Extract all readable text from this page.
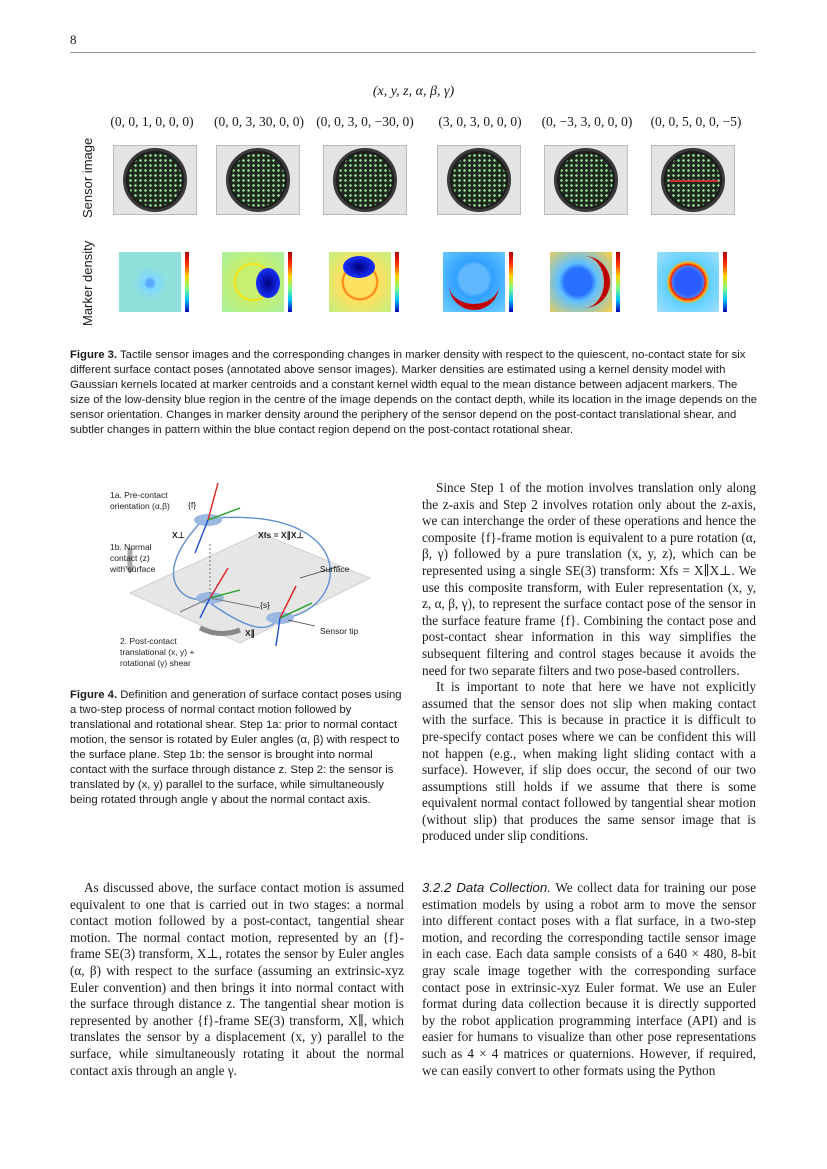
8
(x, y, z, α, β, γ)
(0, 0, 1, 0, 0, 0)	(0, 0, 3, 30, 0, 0) (0, 0, 3, 0, −30, 0)	(3, 0, 3, 0, 0, 0)	(0, −3, 3, 0, 0, 0)	(0, 0, 5, 0, 0, −5)
Sensor image
Marker density
Figure 3. Tactile sensor images and the corresponding changes in marker density with respect to the quiescent, no-contact state for six different surface contact poses (annotated above sensor images). Marker densities are estimated using a kernel density model with Gaussian kernels located at marker centroids and a constant kernel width equal to the mean distance between adjacent markers. The size of the low-density blue region in the centre of the image depends on the contact depth, while its location in the image depends on the sensor orientation. Changes in marker density around the periphery of the sensor depend on the post-contact translational shear, and subtler changes in pattern within the blue contact region depend on the post-contact rotational shear.
1a. Pre-contact
orientation (α,β) {f}
X⊥	Xfs = X∥X⊥
1b. Normal
contact (z)
with surface	Surface
{s}
Sensor tip
X∥
2. Post-contact
translational (x, y) +
rotational (γ) shear
Figure 4. Definition and generation of surface contact poses using a two-step process of normal contact motion followed by translational and rotational shear. Step 1a: prior to normal contact motion, the sensor is rotated by Euler angles (α, β) with respect to the surface plane. Step 1b: the sensor is brought into normal contact with the surface through distance z. Step 2: the sensor is translated by (x, y) parallel to the surface, while simultaneously being rotated through angle γ about the normal contact axis.

Since Step 1 of the motion involves translation only along the z-axis and Step 2 involves rotation only about the z-axis, we can interchange the order of these operations and hence the composite {f}-frame motion is equivalent to a pure rotation (α, β, γ) followed by a pure translation (x, y, z), which can be represented using a single SE(3) transform: Xfs = X∥X⊥. We use this composite transform, with Euler representation (x, y, z, α, β, γ), to represent the surface contact pose of the sensor in the surface feature frame {f}. Combining the contact pose and post-contact shear information in this way simplifies the subsequent filtering and control stages because it avoids the need for two separate filters and two pose-based controllers.

It is important to note that here we have not explicitly assumed that the sensor does not slip when making contact with the surface. This is because in practice it is difficult to pre-specify contact poses where we can be confident this will not happen (e.g., when making light sliding contact with a surface). However, if slip does occur, the second of our two assumptions still holds if we assume that there is some equivalent normal contact followed by tangential shear motion (without slip) that produces the same sensor image that is produced under slip conditions.

As discussed above, the surface contact motion is assumed equivalent to one that is carried out in two stages: a normal contact motion followed by a post-contact, tangential shear motion. The normal contact motion, represented by an {f}-frame SE(3) transform, X⊥, rotates the sensor by Euler angles (α, β) with respect to the surface (assuming an extrinsic-xyz Euler convention) and then brings it into normal contact with the surface through distance z. The tangential shear motion is represented by another {f}-frame SE(3) transform, X∥, which translates the sensor by a displacement (x, y) parallel to the surface, while simultaneously rotating it about the normal contact axis through an angle γ.

3.2.2 Data Collection. We collect data for training our pose estimation models by using a robot arm to move the sensor into different contact poses with a flat surface, in a two-step motion, and recording the corresponding tactile sensor image in each case. Each data sample consists of a 640 × 480, 8-bit gray scale image together with the corresponding surface contact pose in extrinsic-xyz Euler format. We use an Euler format during data collection because it is directly supported by the robot application programming interface (API) and is easier for humans to visualize than other pose representations such as 4 × 4 matrices or quaternions. However, if required, we can easily convert to other formats using the Python
